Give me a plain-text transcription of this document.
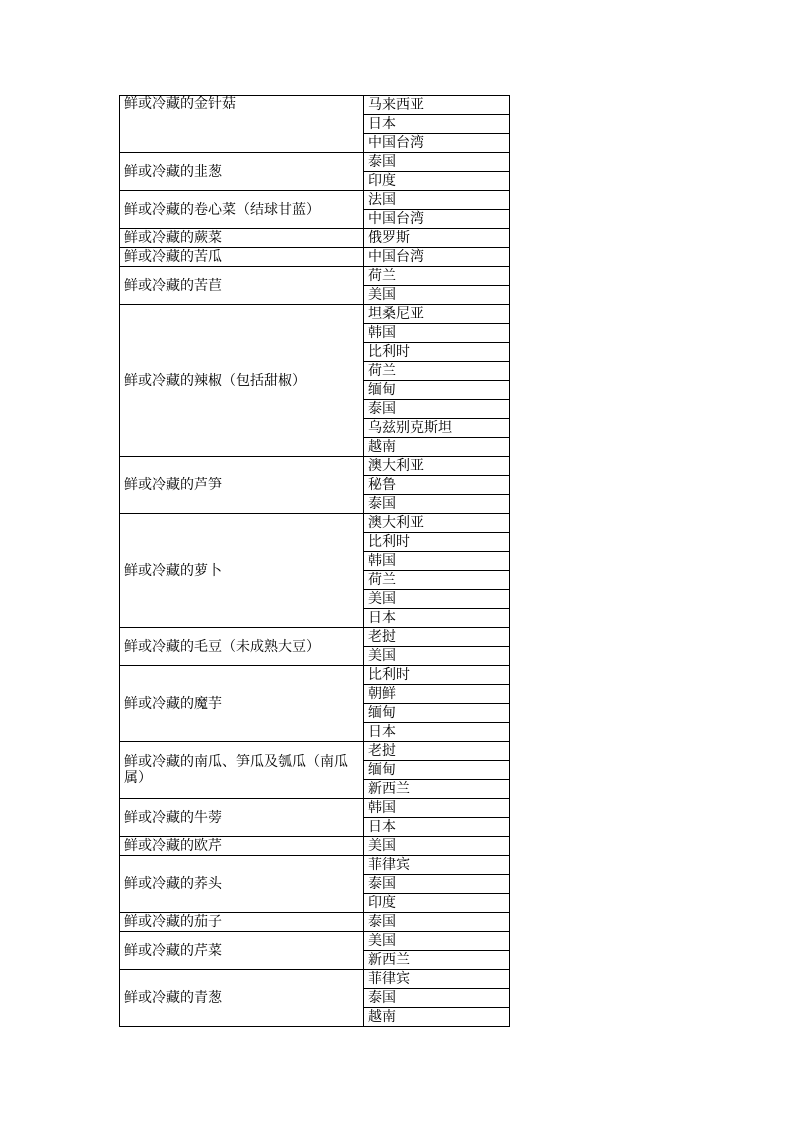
鲜或冷藏的金针菇	马来西亚
	日本
	中国台湾
鲜或冷藏的韭葱	泰国
	印度
鲜或冷藏的卷心菜（结球甘蓝）	法国
	中国台湾
鲜或冷藏的蕨菜	俄罗斯
鲜或冷藏的苦瓜	中国台湾
鲜或冷藏的苦苣	荷兰
	美国
鲜或冷藏的辣椒（包括甜椒）	坦桑尼亚
	韩国
	比利时
	荷兰
	缅甸
	泰国
	乌兹别克斯坦
	越南
鲜或冷藏的芦笋	澳大利亚
	秘鲁
	泰国
鲜或冷藏的萝卜	澳大利亚
	比利时
	韩国
	荷兰
	美国
	日本
鲜或冷藏的毛豆（未成熟大豆）	老挝
	美国
鲜或冷藏的魔芋	比利时
	朝鲜
	缅甸
	日本
鲜或冷藏的南瓜、笋瓜及瓠瓜（南瓜属）	老挝
	缅甸
	新西兰
鲜或冷藏的牛蒡	韩国
	日本
鲜或冷藏的欧芹	美国
鲜或冷藏的荞头	菲律宾
	泰国
	印度
鲜或冷藏的茄子	泰国
鲜或冷藏的芹菜	美国
	新西兰
鲜或冷藏的青葱	菲律宾
	泰国
	越南
